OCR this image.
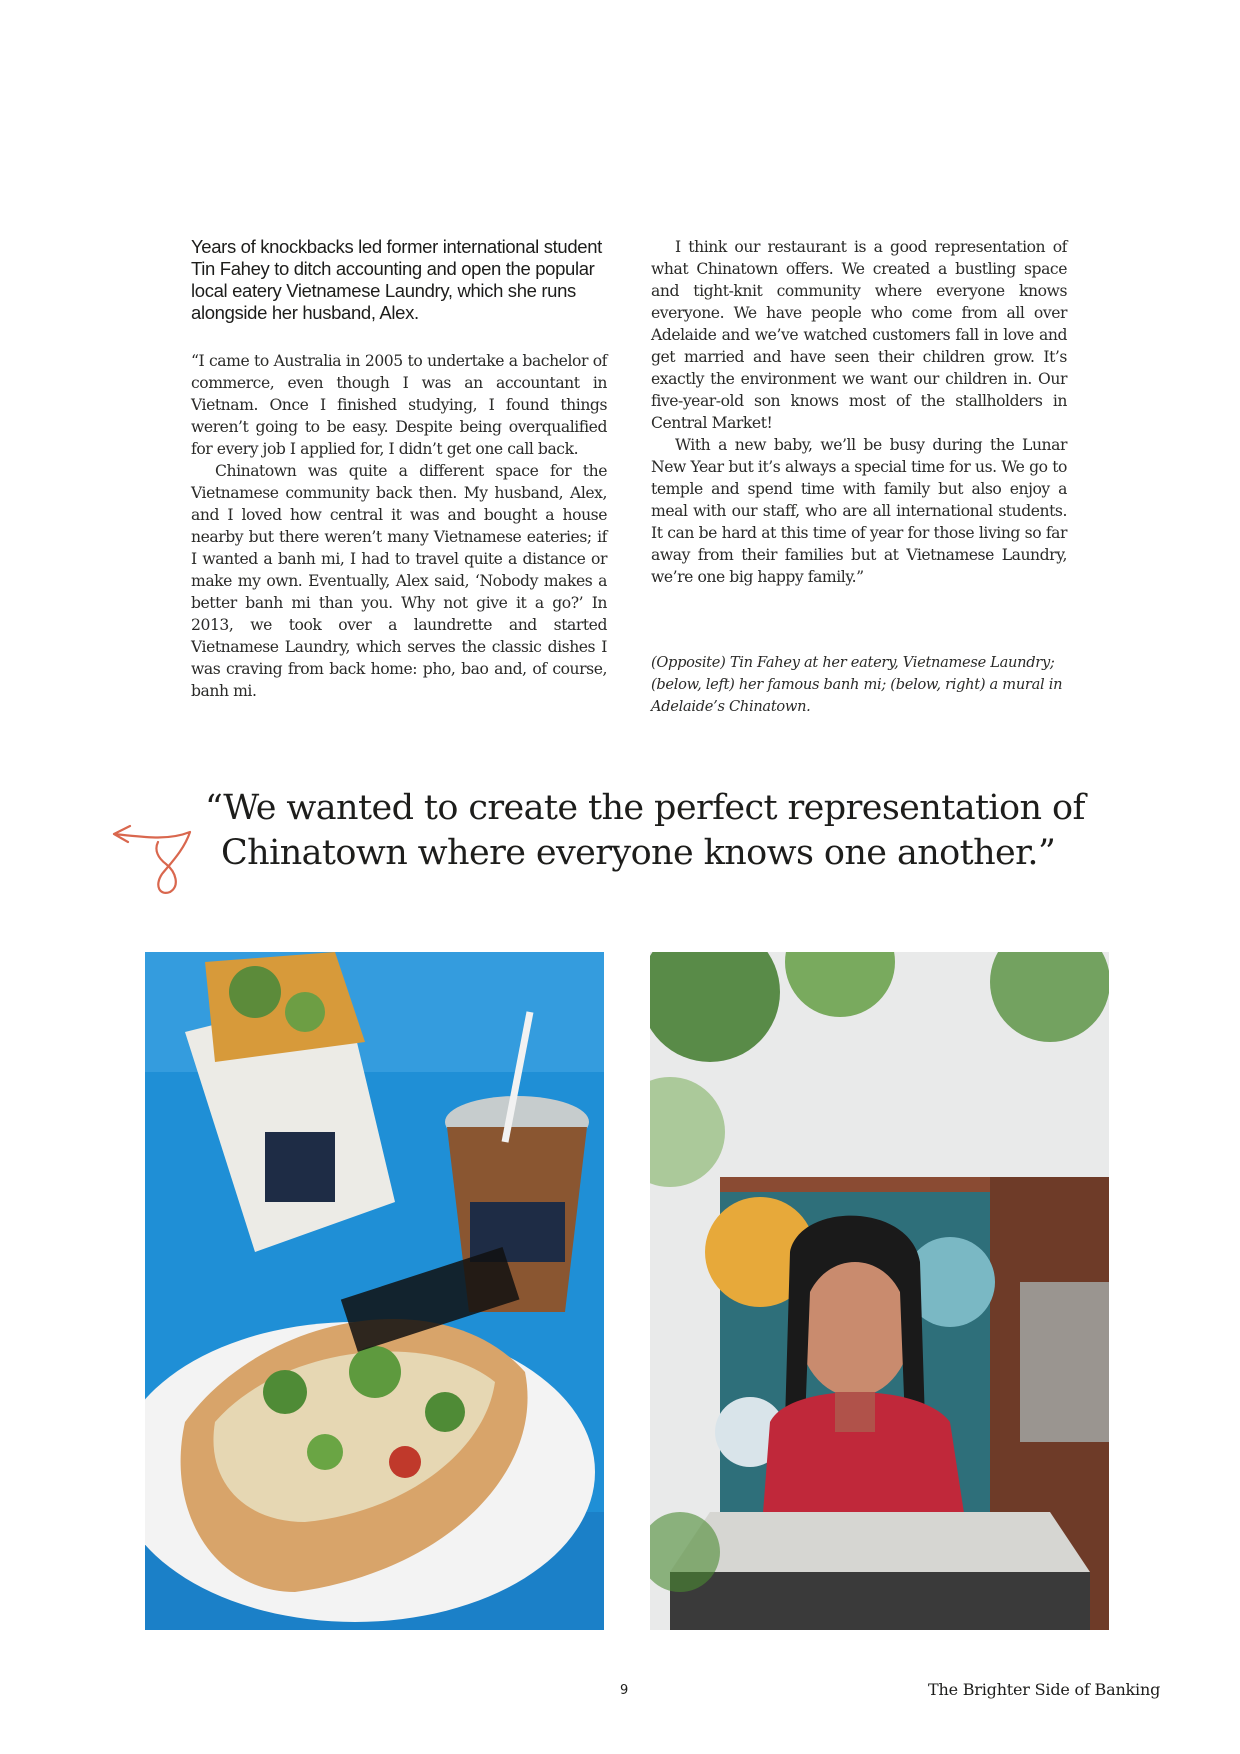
Years of knockbacks led former international student Tin Fahey to ditch accounting and open the popular local eatery Vietnamese Laundry, which she runs alongside her husband, Alex.

“I came to Australia in 2005 to undertake a bachelor of commerce, even though I was an accountant in Vietnam. Once I finished studying, I found things weren’t going to be easy. Despite being overqualified for every job I applied for, I didn’t get one call back.

Chinatown was quite a different space for the Vietnamese community back then. My husband, Alex, and I loved how central it was and bought a house nearby but there weren’t many Vietnamese eateries; if I wanted a banh mi, I had to travel quite a distance or make my own. Eventually, Alex said, ‘Nobody makes a better banh mi than you. Why not give it a go?’ In 2013, we took over a laundrette and started Vietnamese Laundry, which serves the classic dishes I was craving from back home: pho, bao and, of course, banh mi.

I think our restaurant is a good representation of what Chinatown offers. We created a bustling space and tight-knit community where everyone knows everyone. We have people who come from all over Adelaide and we’ve watched customers fall in love and get married and have seen their children grow. It’s exactly the environment we want our children in. Our five-year-old son knows most of the stallholders in Central Market!

With a new baby, we’ll be busy during the Lunar New Year but it’s always a special time for us. We go to temple and spend time with family but also enjoy a meal with our staff, who are all international students. It can be hard at this time of year for those living so far away from their families but at Vietnamese Laundry, we’re one big happy family.”

(Opposite) Tin Fahey at her eatery, Vietnamese Laundry; (below, left) her famous banh mi; (below, right) a mural in Adelaide’s Chinatown.

“We wanted to create the perfect representation of
Chinatown where everyone knows one another.”

9	The Brighter Side of Banking
